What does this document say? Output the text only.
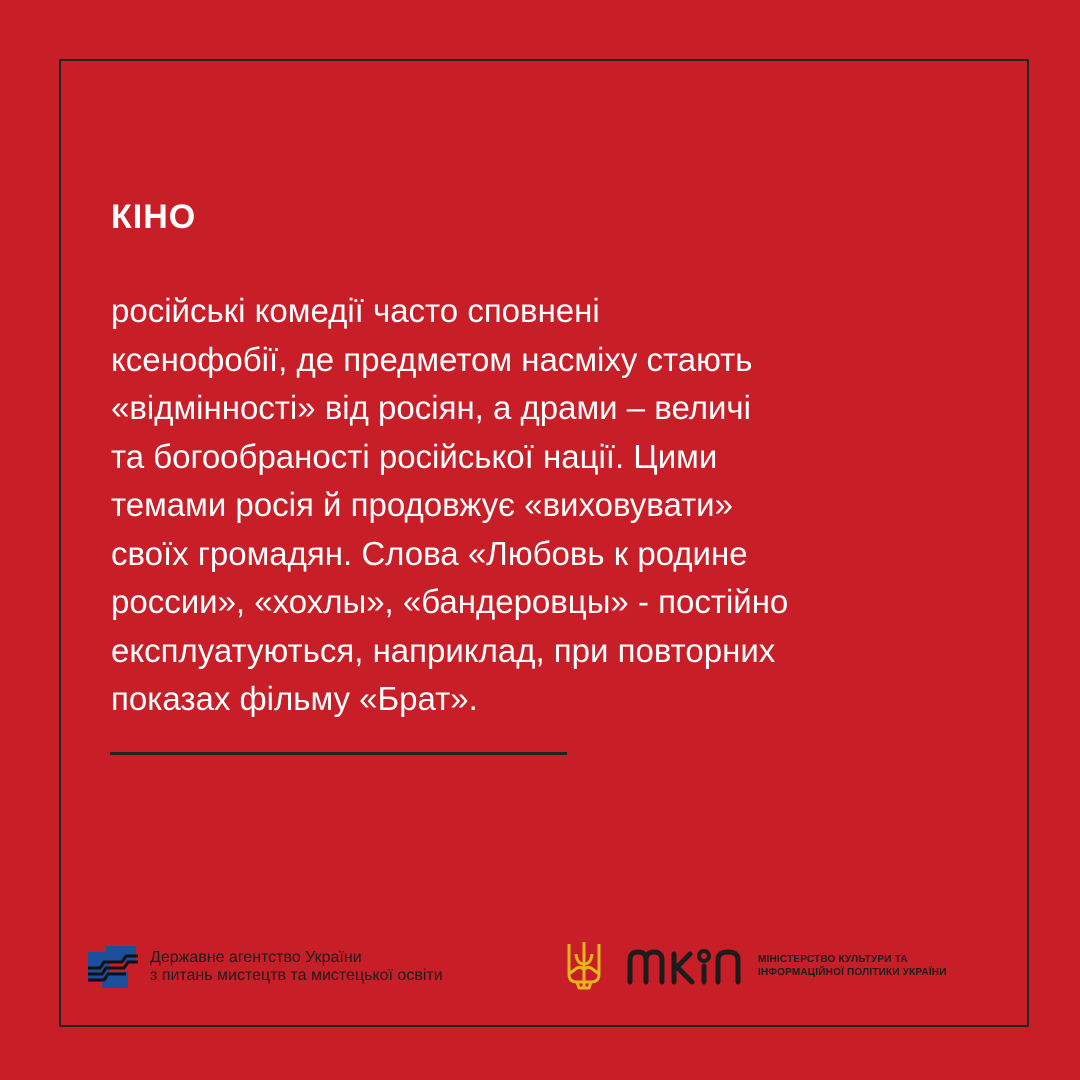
КІНО

російські комедії часто сповнені
ксенофобії, де предметом насміху стають
«відмінності» від росіян, а драми – величі
та богообраності російської нації. Цими
темами росія й продовжує «виховувати»
своїх громадян. Слова «Любовь к родине
россии», «хохлы», «бандеровцы» - постійно
експлуатуються, наприклад, при повторних
показах фільму «Брат».

Державне агентство України
з питань мистецтв та мистецької освіти
мкіп
МІНІСТЕРСТВО КУЛЬТУРИ ТА
ІНФОРМАЦІЙНОЇ ПОЛІТИКИ УКРАЇНИ
